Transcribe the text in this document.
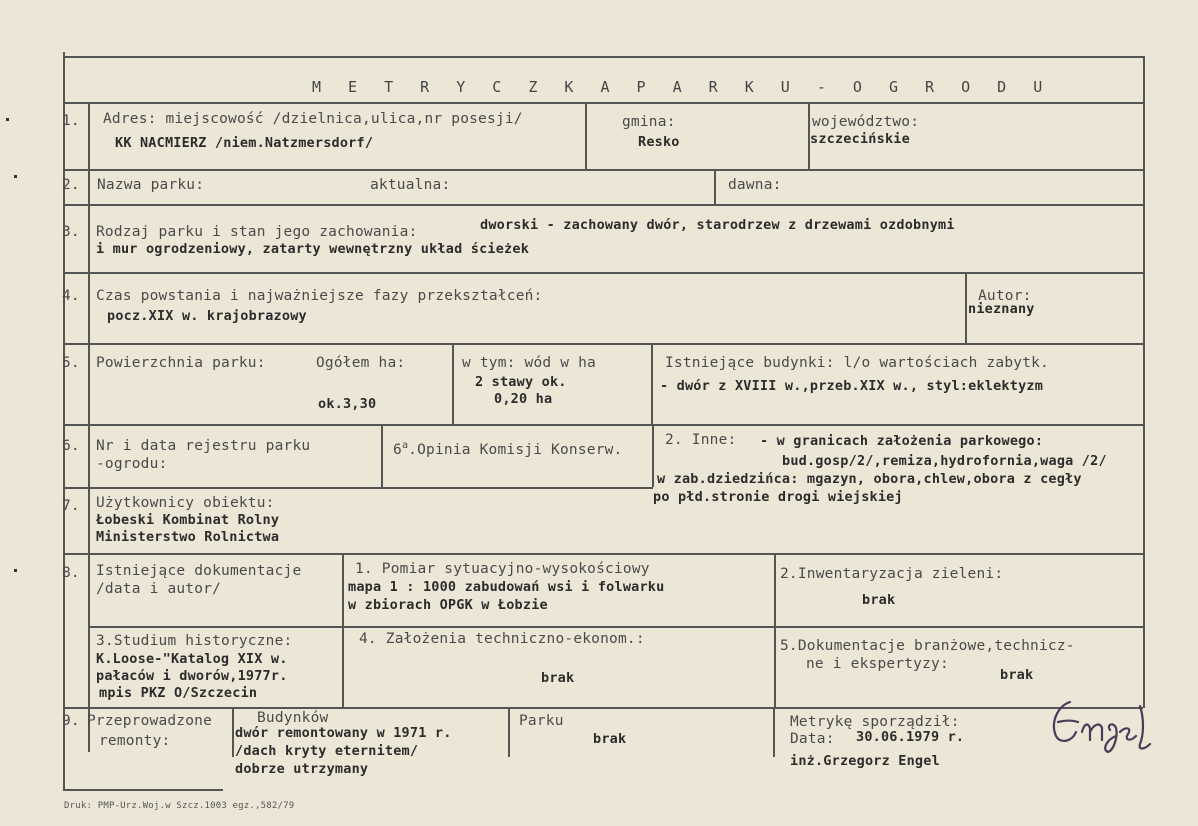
M E T R Y C Z K A P A R K U - O G R O D U
1. Adres: miejscowość /dzielnica,ulica,nr posesji/
KK NACMIERZ /niem.Natzmersdorf/
gmina:
Resko
województwo:
szczecińskie
2. Nazwa parku:	aktualna:	dawna:
3. Rodzaj parku i stan jego zachowania:	dworski - zachowany dwór, starodrzew z drzewami ozdobnymi
i mur ogrodzeniowy, zatarty wewnętrzny układ ścieżek
4. Czas powstania i najważniejsze fazy przekształceń:
pocz.XIX w. krajobrazowy
Autor:
nieznany
5. Powierzchnia parku:	Ogółem ha:
ok.3,30
w tym: wód w ha
2 stawy ok.
0,20 ha
Istniejące budynki: l/o wartościach zabytk.
- dwór z XVIII w.,przeb.XIX w., styl:eklektyzm
6. Nr i data rejestru parku
-ogrodu:
6$^a$.Opinia Komisji Konserw.
2. Inne: - w granicach założenia parkowego:
bud.gosp/2/,remiza,hydrofornia,waga /2/
w zab.dziedzińca: mgazyn, obora,chlew,obora z cegły
po płd.stronie drogi wiejskiej
7. Użytkownicy obiektu:
Łobeski Kombinat Rolny
Ministerstwo Rolnictwa
8. Istniejące dokumentacje
/data i autor/
1. Pomiar sytuacyjno-wysokościowy
mapa 1 : 1000 zabudowań wsi i folwarku
w zbiorach OPGK w Łobzie
2.Inwentaryzacja zieleni:
brak
3.Studium historyczne:
K.Loose-"Katalog XIX w.
pałaców i dworów,1977r.
mpis PKZ O/Szczecin
4. Założenia techniczno-ekonom.:
brak
5.Dokumentacje branżowe,technicz-
ne i ekspertyzy:
brak
9. Przeprowadzone
remonty:
Budynków
dwór remontowany w 1971 r.
/dach kryty eternitem/
dobrze utrzymany
Parku
brak
Metrykę sporządził:
Data: 30.06.1979 r.
inż.Grzegorz Engel
Druk: PMP-Urz.Woj.w Szcz.1003 egz.,582/79
